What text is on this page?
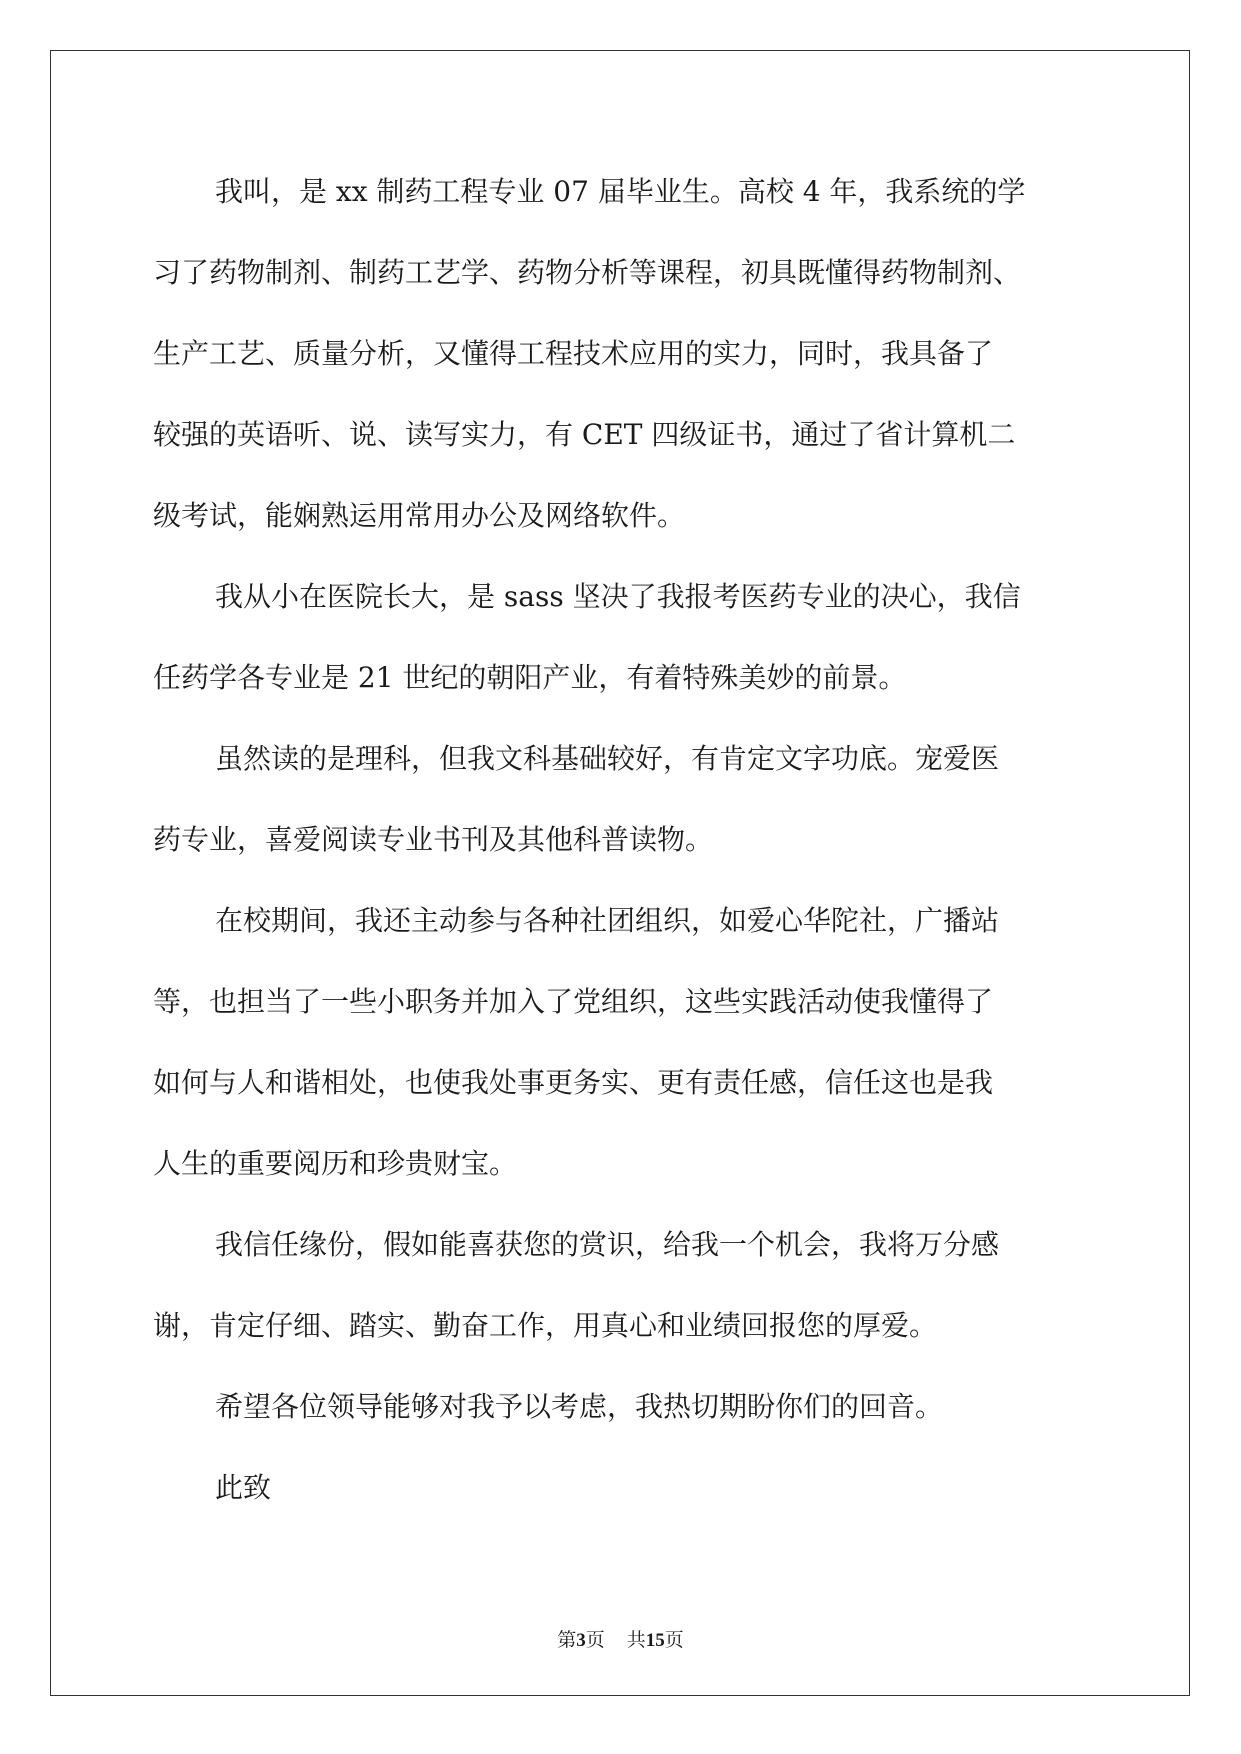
我叫，是 xx 制药工程专业 07 届毕业生。高校 4 年，我系统的学
习了药物制剂、制药工艺学、药物分析等课程，初具既懂得药物制剂、
生产工艺、质量分析，又懂得工程技术应用的实力，同时，我具备了
较强的英语听、说、读写实力，有 CET 四级证书，通过了省计算机二
级考试，能娴熟运用常用办公及网络软件。
我从小在医院长大，是 sass 坚决了我报考医药专业的决心，我信
任药学各专业是 21 世纪的朝阳产业，有着特殊美妙的前景。
虽然读的是理科，但我文科基础较好，有肯定文字功底。宠爱医
药专业，喜爱阅读专业书刊及其他科普读物。
在校期间，我还主动参与各种社团组织，如爱心华陀社，广播站
等，也担当了一些小职务并加入了党组织，这些实践活动使我懂得了
如何与人和谐相处，也使我处事更务实、更有责任感，信任这也是我
人生的重要阅历和珍贵财宝。
我信任缘份，假如能喜获您的赏识，给我一个机会，我将万分感
谢，肯定仔细、踏实、勤奋工作，用真心和业绩回报您的厚爱。
希望各位领导能够对我予以考虑，我热切期盼你们的回音。
此致
第3页 共15页
